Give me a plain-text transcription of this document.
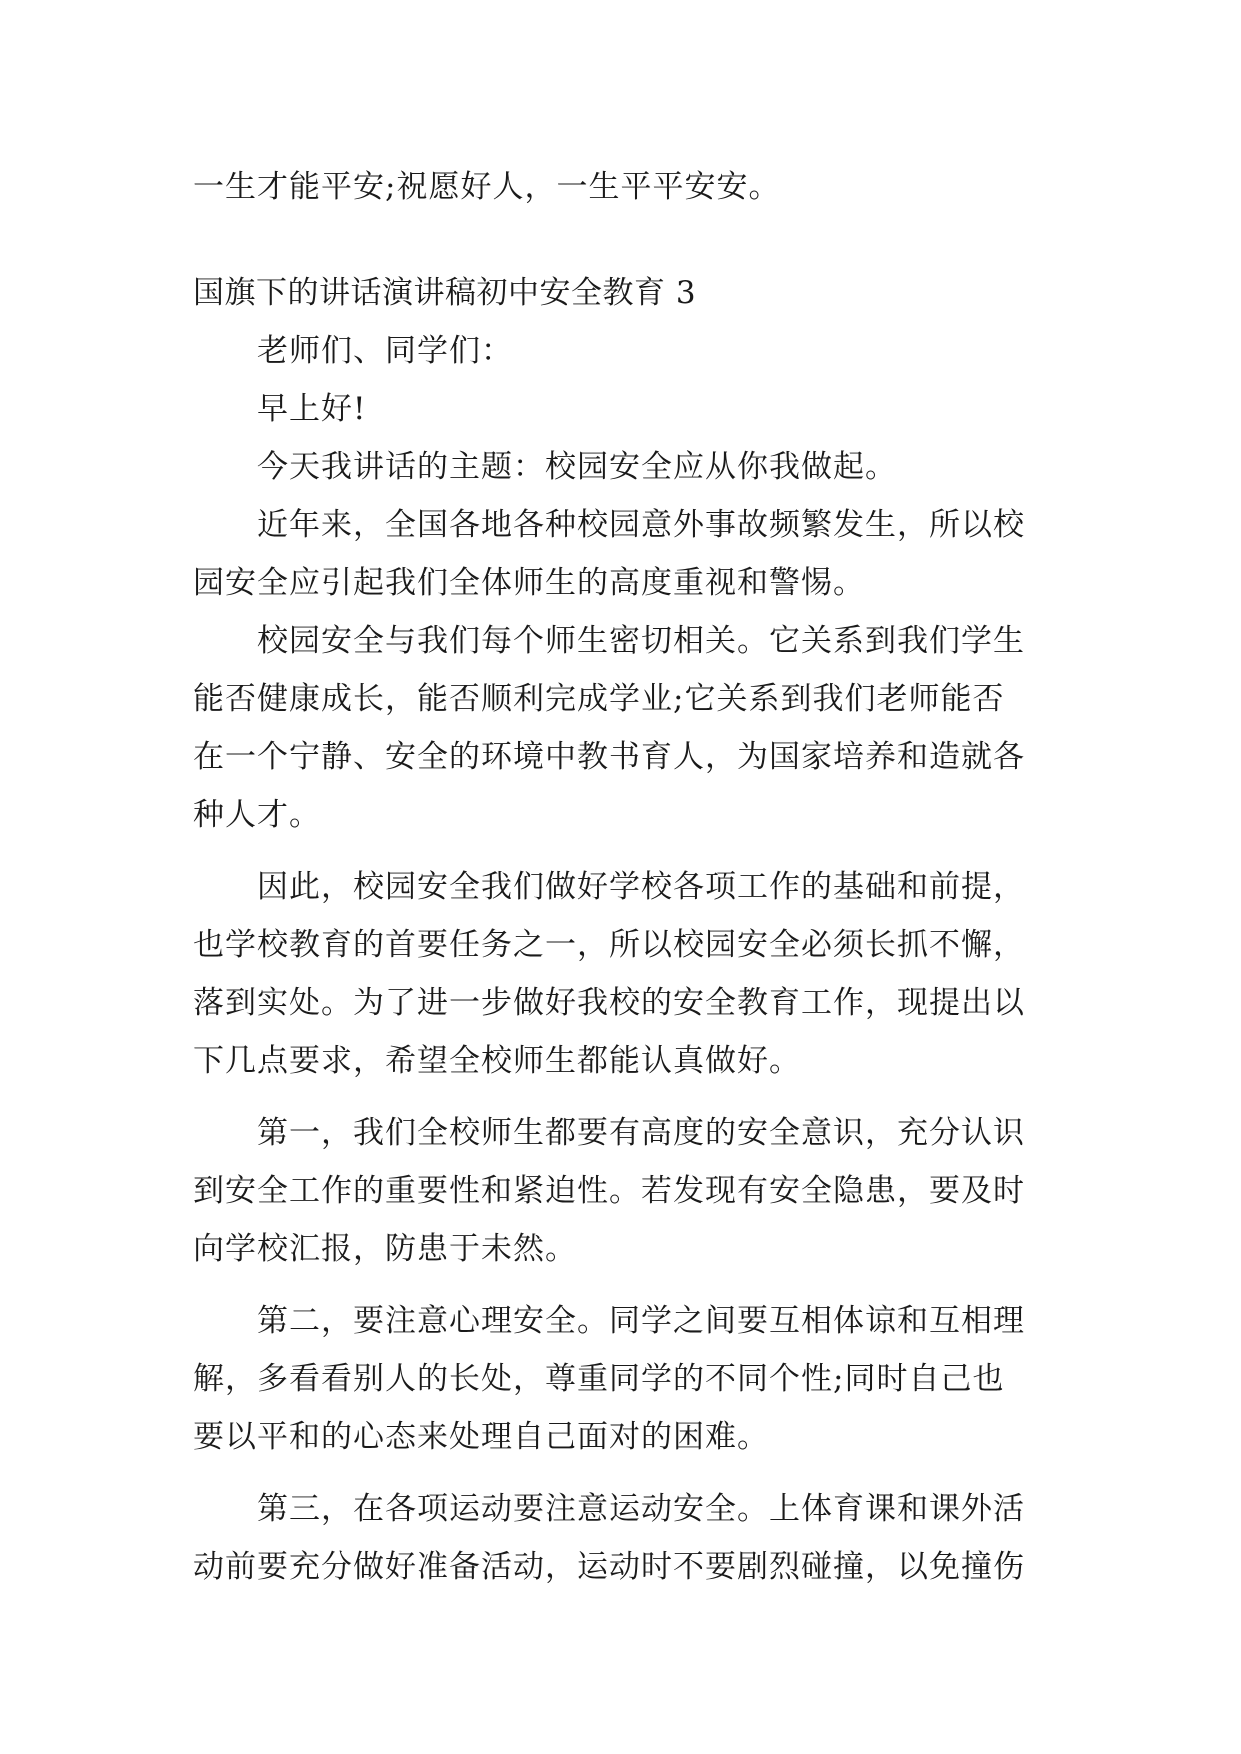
一生才能平安;祝愿好人，一生平平安安。
国旗下的讲话演讲稿初中安全教育 3
老师们、同学们：
早上好!
今天我讲话的主题：校园安全应从你我做起。
近年来，全国各地各种校园意外事故频繁发生，所以校
园安全应引起我们全体师生的高度重视和警惕。
校园安全与我们每个师生密切相关。它关系到我们学生
能否健康成长，能否顺利完成学业;它关系到我们老师能否
在一个宁静、安全的环境中教书育人，为国家培养和造就各
种人才。
因此，校园安全我们做好学校各项工作的基础和前提，
也学校教育的首要任务之一，所以校园安全必须长抓不懈，
落到实处。为了进一步做好我校的安全教育工作，现提出以
下几点要求，希望全校师生都能认真做好。
第一，我们全校师生都要有高度的安全意识，充分认识
到安全工作的重要性和紧迫性。若发现有安全隐患，要及时
向学校汇报，防患于未然。
第二，要注意心理安全。同学之间要互相体谅和互相理
解，多看看别人的长处，尊重同学的不同个性;同时自己也
要以平和的心态来处理自己面对的困难。
第三，在各项运动要注意运动安全。上体育课和课外活
动前要充分做好准备活动，运动时不要剧烈碰撞，以免撞伤
